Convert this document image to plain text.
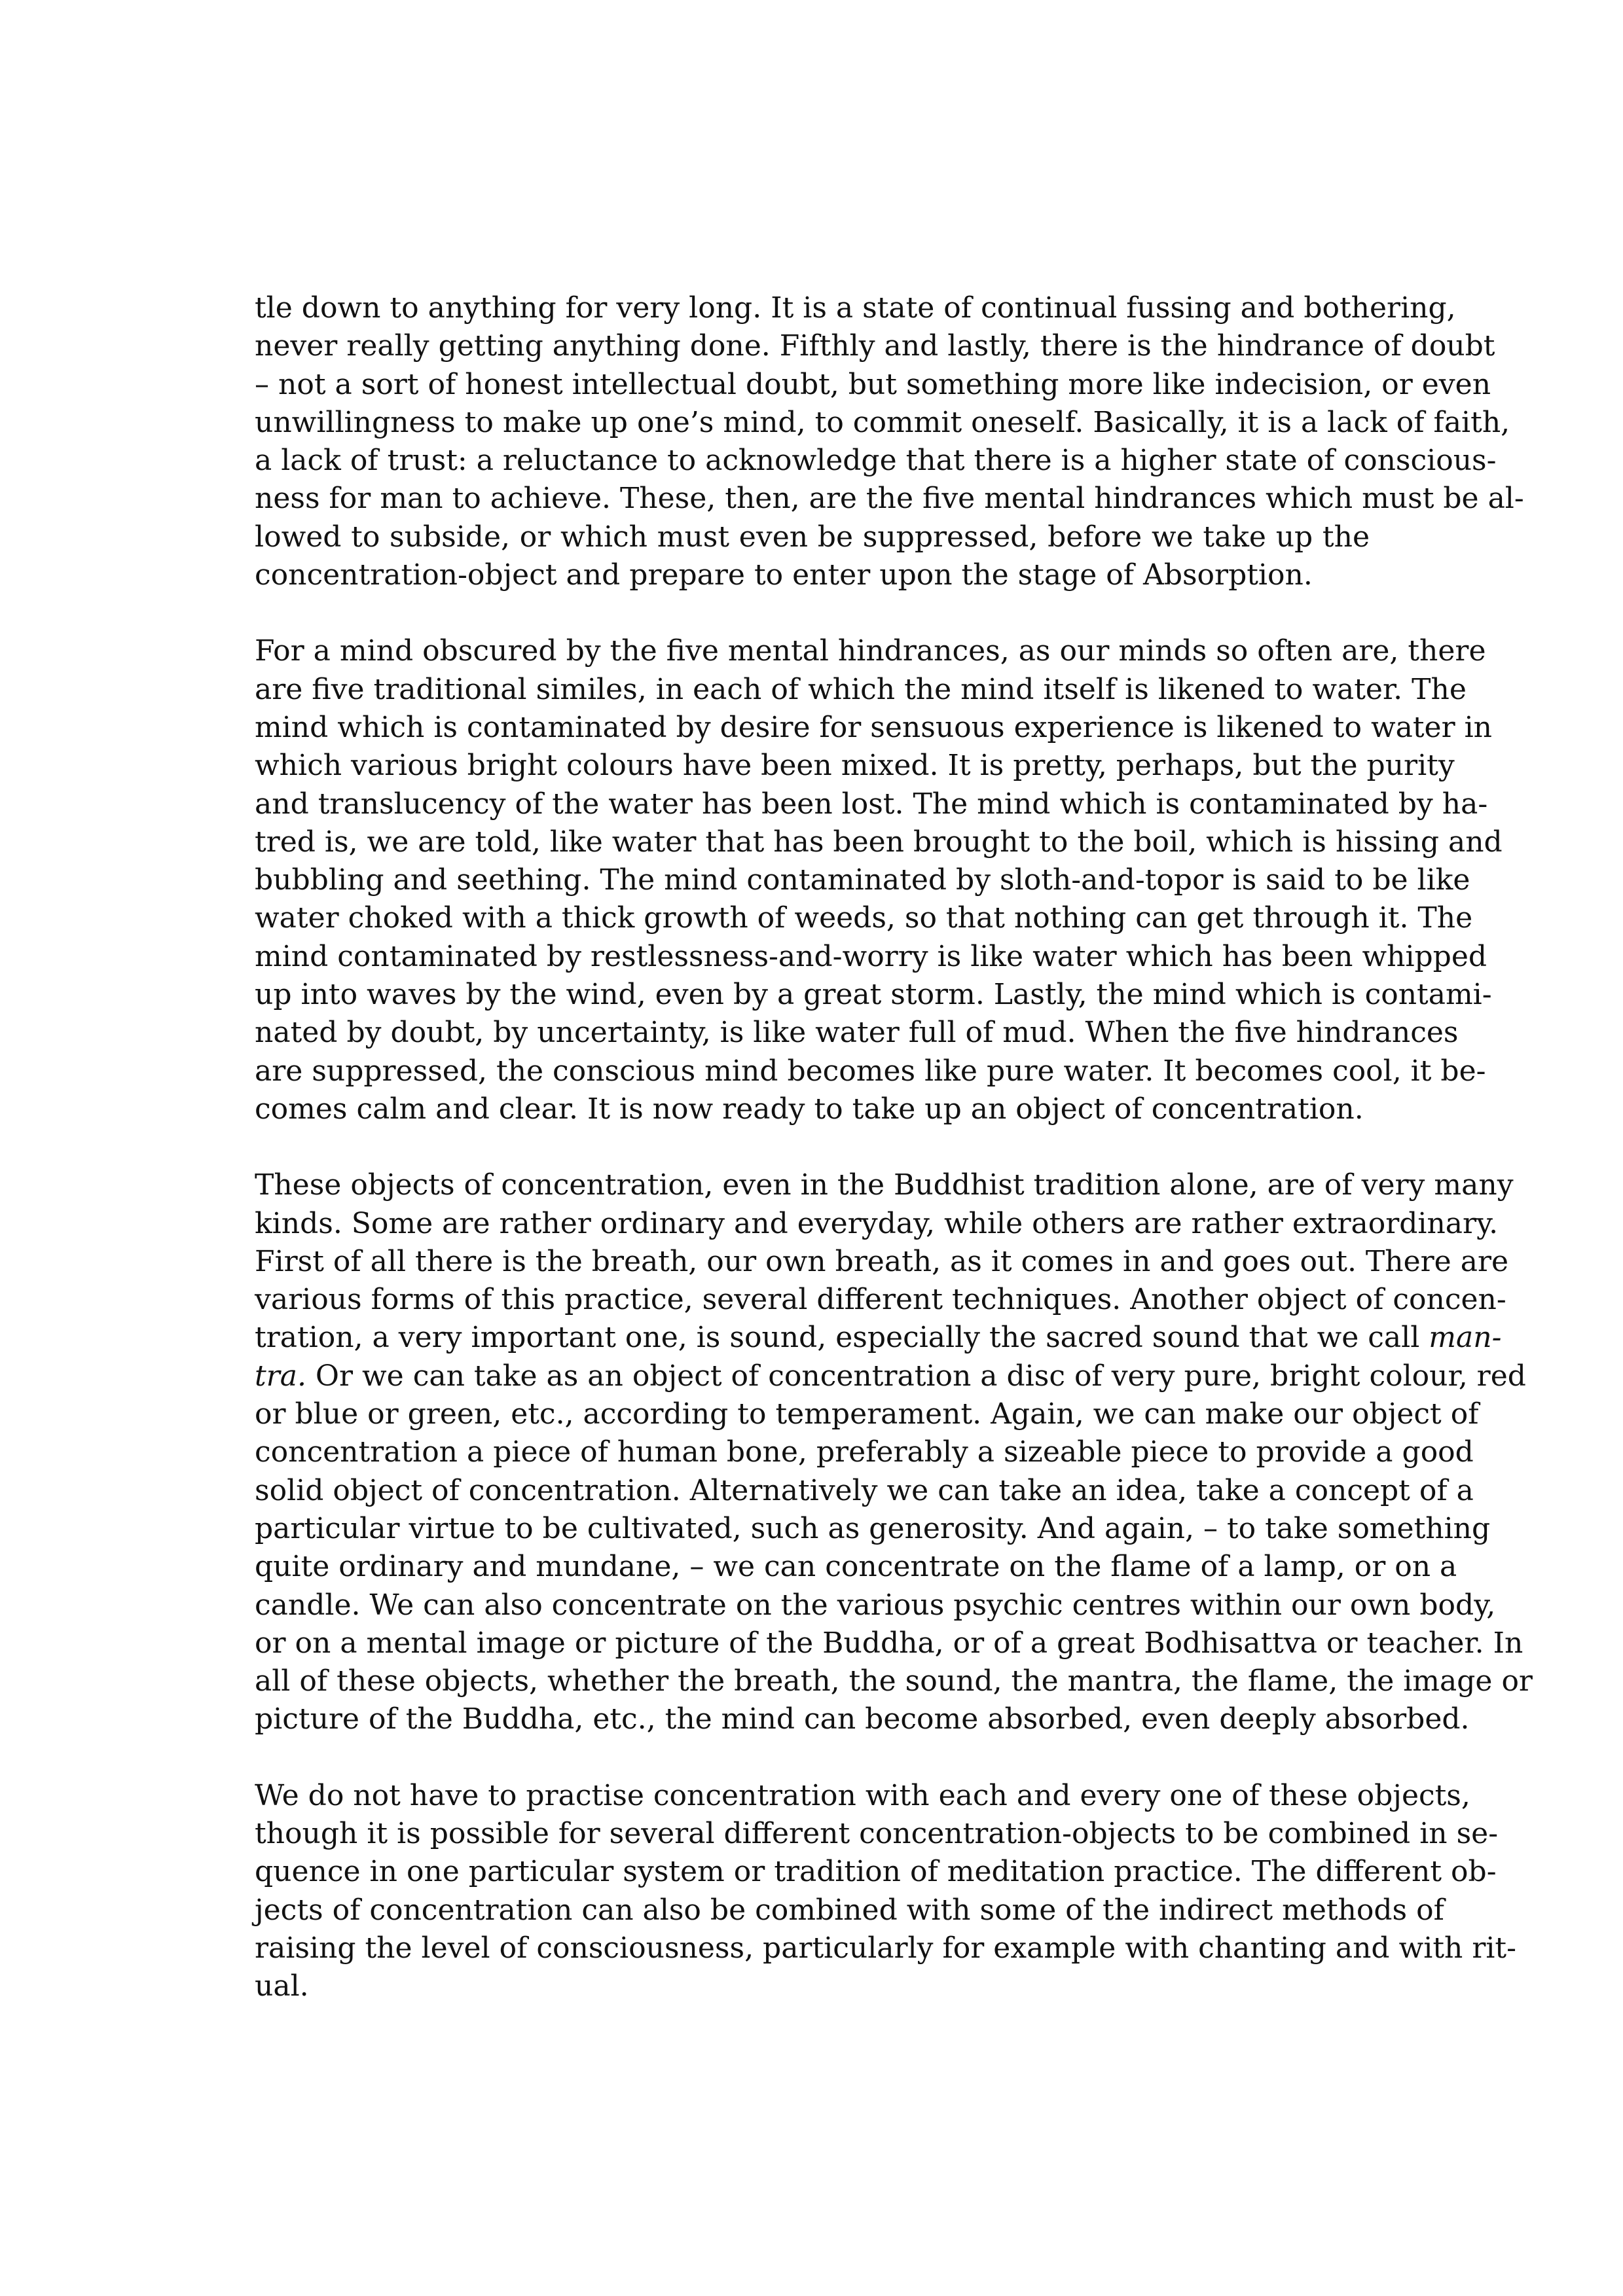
tle down to anything for very long. It is a state of continual fussing and bothering,
never really getting anything done. Fifthly and lastly, there is the hindrance of doubt
– not a sort of honest intellectual doubt, but something more like indecision, or even
unwillingness to make up one’s mind, to commit oneself. Basically, it is a lack of faith,
a lack of trust: a reluctance to acknowledge that there is a higher state of conscious-
ness for man to achieve. These, then, are the five mental hindrances which must be al-
lowed to subside, or which must even be suppressed, before we take up the
concentration-object and prepare to enter upon the stage of Absorption.

For a mind obscured by the five mental hindrances, as our minds so often are, there
are five traditional similes, in each of which the mind itself is likened to water. The
mind which is contaminated by desire for sensuous experience is likened to water in
which various bright colours have been mixed. It is pretty, perhaps, but the purity
and translucency of the water has been lost. The mind which is contaminated by ha-
tred is, we are told, like water that has been brought to the boil, which is hissing and
bubbling and seething. The mind contaminated by sloth-and-topor is said to be like
water choked with a thick growth of weeds, so that nothing can get through it. The
mind contaminated by restlessness-and-worry is like water which has been whipped
up into waves by the wind, even by a great storm. Lastly, the mind which is contami-
nated by doubt, by uncertainty, is like water full of mud. When the five hindrances
are suppressed, the conscious mind becomes like pure water. It becomes cool, it be-
comes calm and clear. It is now ready to take up an object of concentration.

These objects of concentration, even in the Buddhist tradition alone, are of very many
kinds. Some are rather ordinary and everyday, while others are rather extraordinary.
First of all there is the breath, our own breath, as it comes in and goes out. There are
various forms of this practice, several different techniques. Another object of concen-
tration, a very important one, is sound, especially the sacred sound that we call man-
tra. Or we can take as an object of concentration a disc of very pure, bright colour, red
or blue or green, etc., according to temperament. Again, we can make our object of
concentration a piece of human bone, preferably a sizeable piece to provide a good
solid object of concentration. Alternatively we can take an idea, take a concept of a
particular virtue to be cultivated, such as generosity. And again, – to take something
quite ordinary and mundane, – we can concentrate on the flame of a lamp, or on a
candle. We can also concentrate on the various psychic centres within our own body,
or on a mental image or picture of the Buddha, or of a great Bodhisattva or teacher. In
all of these objects, whether the breath, the sound, the mantra, the flame, the image or
picture of the Buddha, etc., the mind can become absorbed, even deeply absorbed.

We do not have to practise concentration with each and every one of these objects,
though it is possible for several different concentration-objects to be combined in se-
quence in one particular system or tradition of meditation practice. The different ob-
jects of concentration can also be combined with some of the indirect methods of
raising the level of consciousness, particularly for example with chanting and with rit-
ual.
